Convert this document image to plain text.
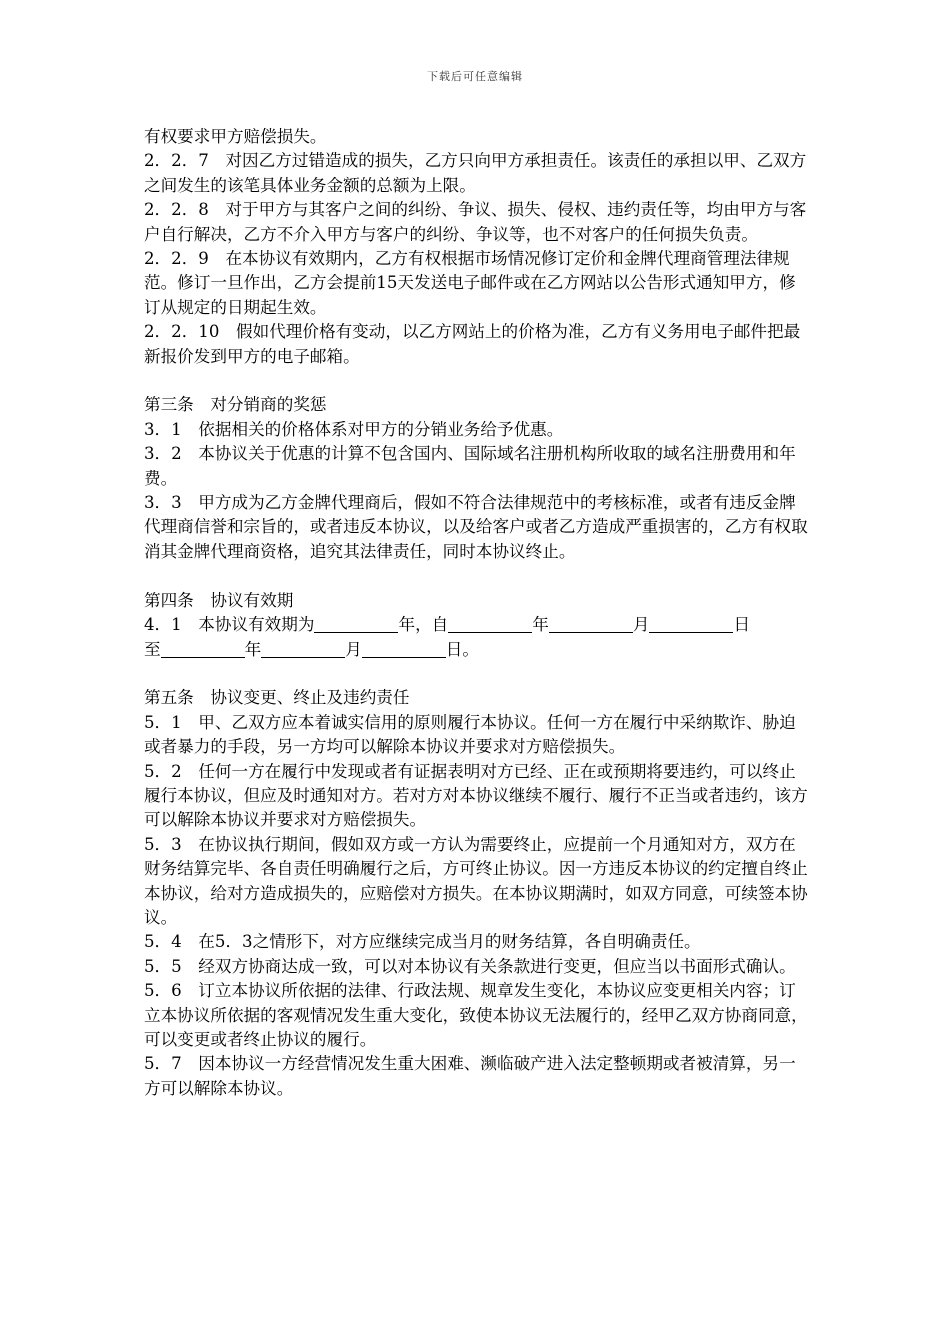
下载后可任意编辑

有权要求甲方赔偿损失。

2．2．7　对因乙方过错造成的损失，乙方只向甲方承担责任。该责任的承担以甲、乙双方之间发生的该笔具体业务金额的总额为上限。

2．2．8　对于甲方与其客户之间的纠纷、争议、损失、侵权、违约责任等，均由甲方与客户自行解决，乙方不介入甲方与客户的纠纷、争议等，也不对客户的任何损失负责。

2．2．9　在本协议有效期内，乙方有权根据市场情况修订定价和金牌代理商管理法律规范。修订一旦作出，乙方会提前15天发送电子邮件或在乙方网站以公告形式通知甲方，修订从规定的日期起生效。

2．2．10　假如代理价格有变动，以乙方网站上的价格为准，乙方有义务用电子邮件把最新报价发到甲方的电子邮箱。

第三条　对分销商的奖惩

3．1　依据相关的价格体系对甲方的分销业务给予优惠。

3．2　本协议关于优惠的计算不包含国内、国际域名注册机构所收取的域名注册费用和年费。

3．3　甲方成为乙方金牌代理商后，假如不符合法律规范中的考核标准，或者有违反金牌代理商信誉和宗旨的，或者违反本协议，以及给客户或者乙方造成严重损害的，乙方有权取消其金牌代理商资格，追究其法律责任，同时本协议终止。

第四条　协议有效期

4．1　本协议有效期为	年，自	年	月	日
至	年	月	日。

第五条　协议变更、终止及违约责任

5．1　甲、乙双方应本着诚实信用的原则履行本协议。任何一方在履行中采纳欺诈、胁迫或者暴力的手段，另一方均可以解除本协议并要求对方赔偿损失。

5．2　任何一方在履行中发现或者有证据表明对方已经、正在或预期将要违约，可以终止履行本协议，但应及时通知对方。若对方对本协议继续不履行、履行不正当或者违约，该方可以解除本协议并要求对方赔偿损失。

5．3　在协议执行期间，假如双方或一方认为需要终止，应提前一个月通知对方，双方在财务结算完毕、各自责任明确履行之后，方可终止协议。因一方违反本协议的约定擅自终止本协议，给对方造成损失的，应赔偿对方损失。在本协议期满时，如双方同意，可续签本协议。

5．4　在5．3之情形下，对方应继续完成当月的财务结算，各自明确责任。

5．5　经双方协商达成一致，可以对本协议有关条款进行变更，但应当以书面形式确认。

5．6　订立本协议所依据的法律、行政法规、规章发生变化，本协议应变更相关内容；订立本协议所依据的客观情况发生重大变化，致使本协议无法履行的，经甲乙双方协商同意，可以变更或者终止协议的履行。

5．7　因本协议一方经营情况发生重大困难、濒临破产进入法定整顿期或者被清算，另一方可以解除本协议。
